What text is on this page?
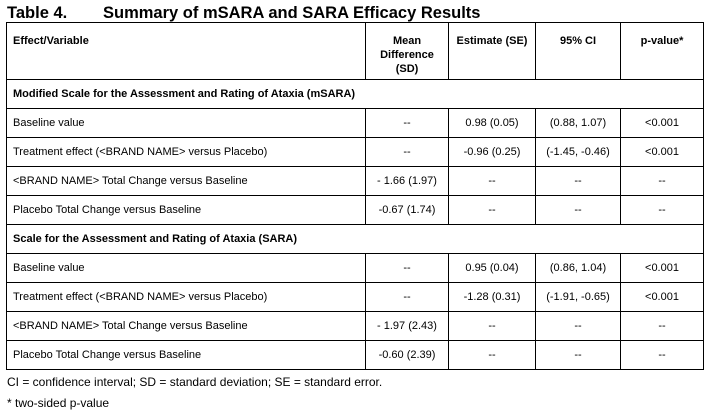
Table 4. Summary of mSARA and SARA Efficacy Results
Effect/Variable	Mean Difference (SD)	Estimate (SE)	95% CI	p-value*
Modified Scale for the Assessment and Rating of Ataxia (mSARA)				
Baseline value	--	0.98 (0.05)	(0.88, 1.07)	<0.001
Treatment effect (<BRAND NAME> versus Placebo)	--	-0.96 (0.25)	(-1.45, -0.46)	<0.001
<BRAND NAME> Total Change versus Baseline	- 1.66 (1.97)	--	--	--
Placebo Total Change versus Baseline	-0.67 (1.74)	--	--	--
Scale for the Assessment and Rating of Ataxia (SARA)				
Baseline value	--	0.95 (0.04)	(0.86, 1.04)	<0.001
Treatment effect (<BRAND NAME> versus Placebo)	--	-1.28 (0.31)	(-1.91, -0.65)	<0.001
<BRAND NAME> Total Change versus Baseline	- 1.97 (2.43)	--	--	--
Placebo Total Change versus Baseline	-0.60 (2.39)	--	--	--
CI = confidence interval; SD = standard deviation; SE = standard error.
* two-sided p-value
